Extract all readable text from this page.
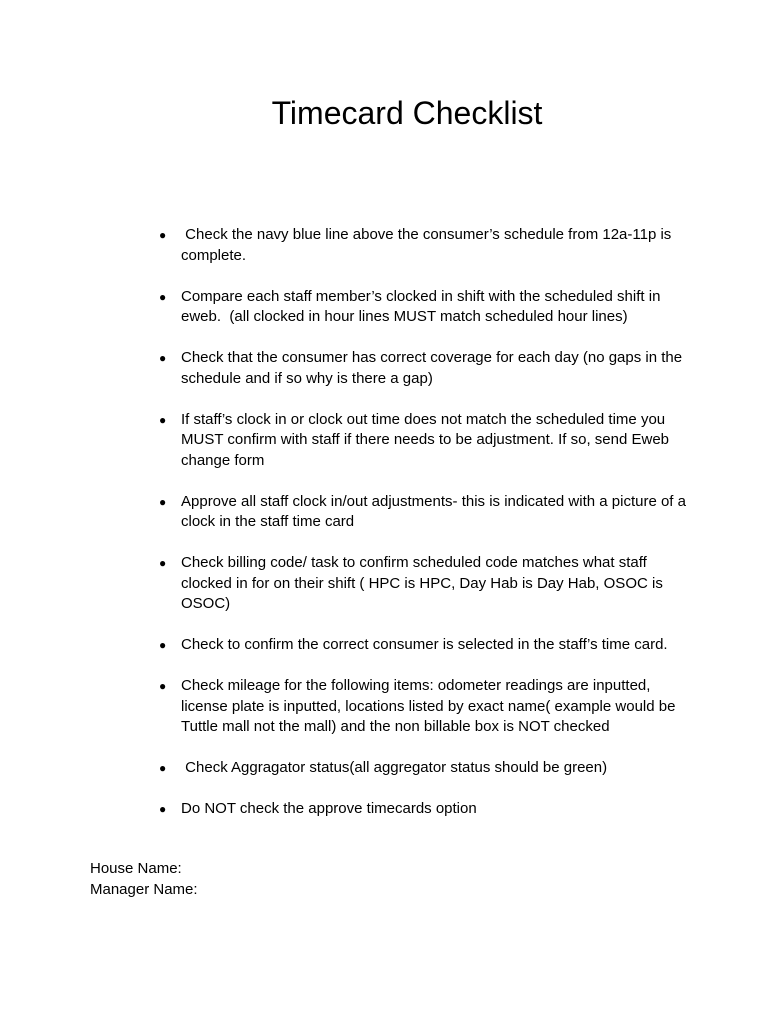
Timecard Checklist
● Check the navy blue line above the consumer’s schedule from 12a-11p is complete.
● Compare each staff member’s clocked in shift with the scheduled shift in eweb.  (all clocked in hour lines MUST match scheduled hour lines)
● Check that the consumer has correct coverage for each day (no gaps in the schedule and if so why is there a gap)
● If staff’s clock in or clock out time does not match the scheduled time you MUST confirm with staff if there needs to be adjustment. If so, send Eweb change form
● Approve all staff clock in/out adjustments- this is indicated with a picture of a clock in the staff time card
● Check billing code/ task to confirm scheduled code matches what staff clocked in for on their shift ( HPC is HPC, Day Hab is Day Hab, OSOC is OSOC)
● Check to confirm the correct consumer is selected in the staff’s time card.
● Check mileage for the following items: odometer readings are inputted, license plate is inputted, locations listed by exact name( example would be Tuttle mall not the mall) and the non billable box is NOT checked
● Check Aggragator status(all aggregator status should be green)
● Do NOT check the approve timecards option
House Name:
Manager Name:
